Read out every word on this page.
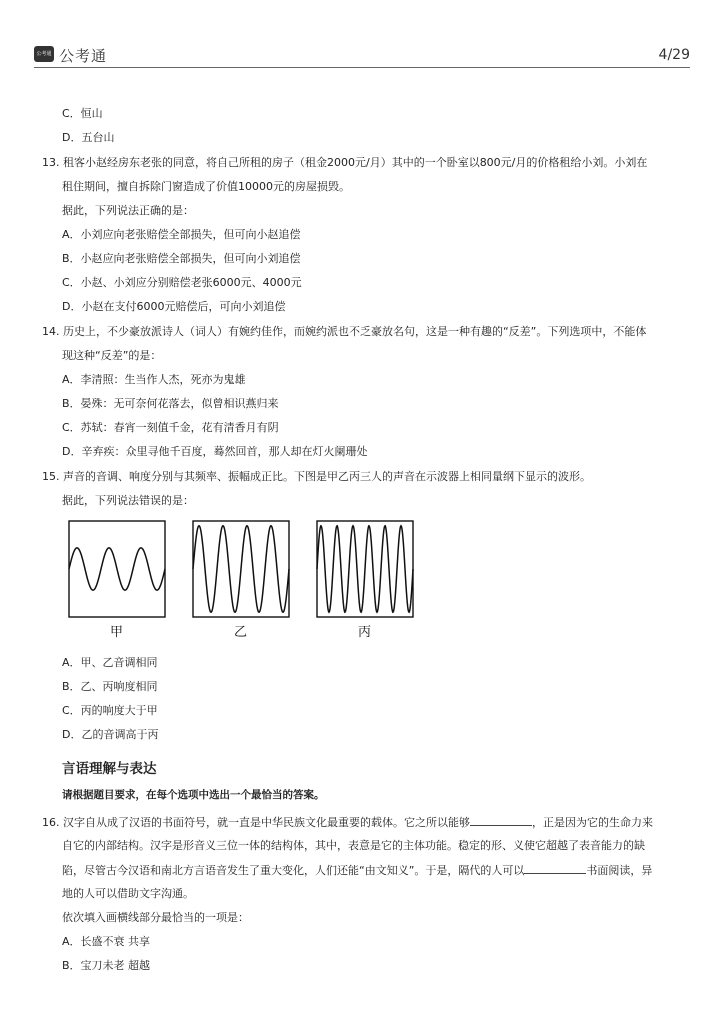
公考通 公考通	4/29
C．恒山
D．五台山
13. 租客小赵经房东老张的同意，将自己所租的房子（租金2000元/月）其中的一个卧室以800元/月的价格租给小刘。小刘在
租住期间，擅自拆除门窗造成了价值10000元的房屋损毁。
据此，下列说法正确的是：
A．小刘应向老张赔偿全部损失，但可向小赵追偿
B．小赵应向老张赔偿全部损失，但可向小刘追偿
C．小赵、小刘应分别赔偿老张6000元、4000元
D．小赵在支付6000元赔偿后，可向小刘追偿
14. 历史上，不少豪放派诗人（词人）有婉约佳作，而婉约派也不乏豪放名句，这是一种有趣的“反差”。下列选项中，不能体
现这种“反差”的是：
A．李清照：生当作人杰，死亦为鬼雄
B．晏殊：无可奈何花落去，似曾相识燕归来
C．苏轼：春宵一刻值千金，花有清香月有阴
D．辛弃疾：众里寻他千百度，蓦然回首，那人却在灯火阑珊处
15. 声音的音调、响度分别与其频率、振幅成正比。下图是甲乙丙三人的声音在示波器上相同量纲下显示的波形。
据此，下列说法错误的是：
甲	乙	丙
A．甲、乙音调相同
B．乙、丙响度相同
C．丙的响度大于甲
D．乙的音调高于丙
言语理解与表达
请根据题目要求，在每个选项中选出一个最恰当的答案。
16. 汉字自从成了汉语的书面符号，就一直是中华民族文化最重要的载体。它之所以能够	，正是因为它的生命力来
自它的内部结构。汉字是形音义三位一体的结构体，其中，表意是它的主体功能。稳定的形、义使它超越了表音能力的缺
陷，尽管古今汉语和南北方言语音发生了重大变化，人们还能“由文知义”。于是，隔代的人可以	书面阅读，异
地的人可以借助文字沟通。
依次填入画横线部分最恰当的一项是：
A．长盛不衰 共享
B．宝刀未老 超越
